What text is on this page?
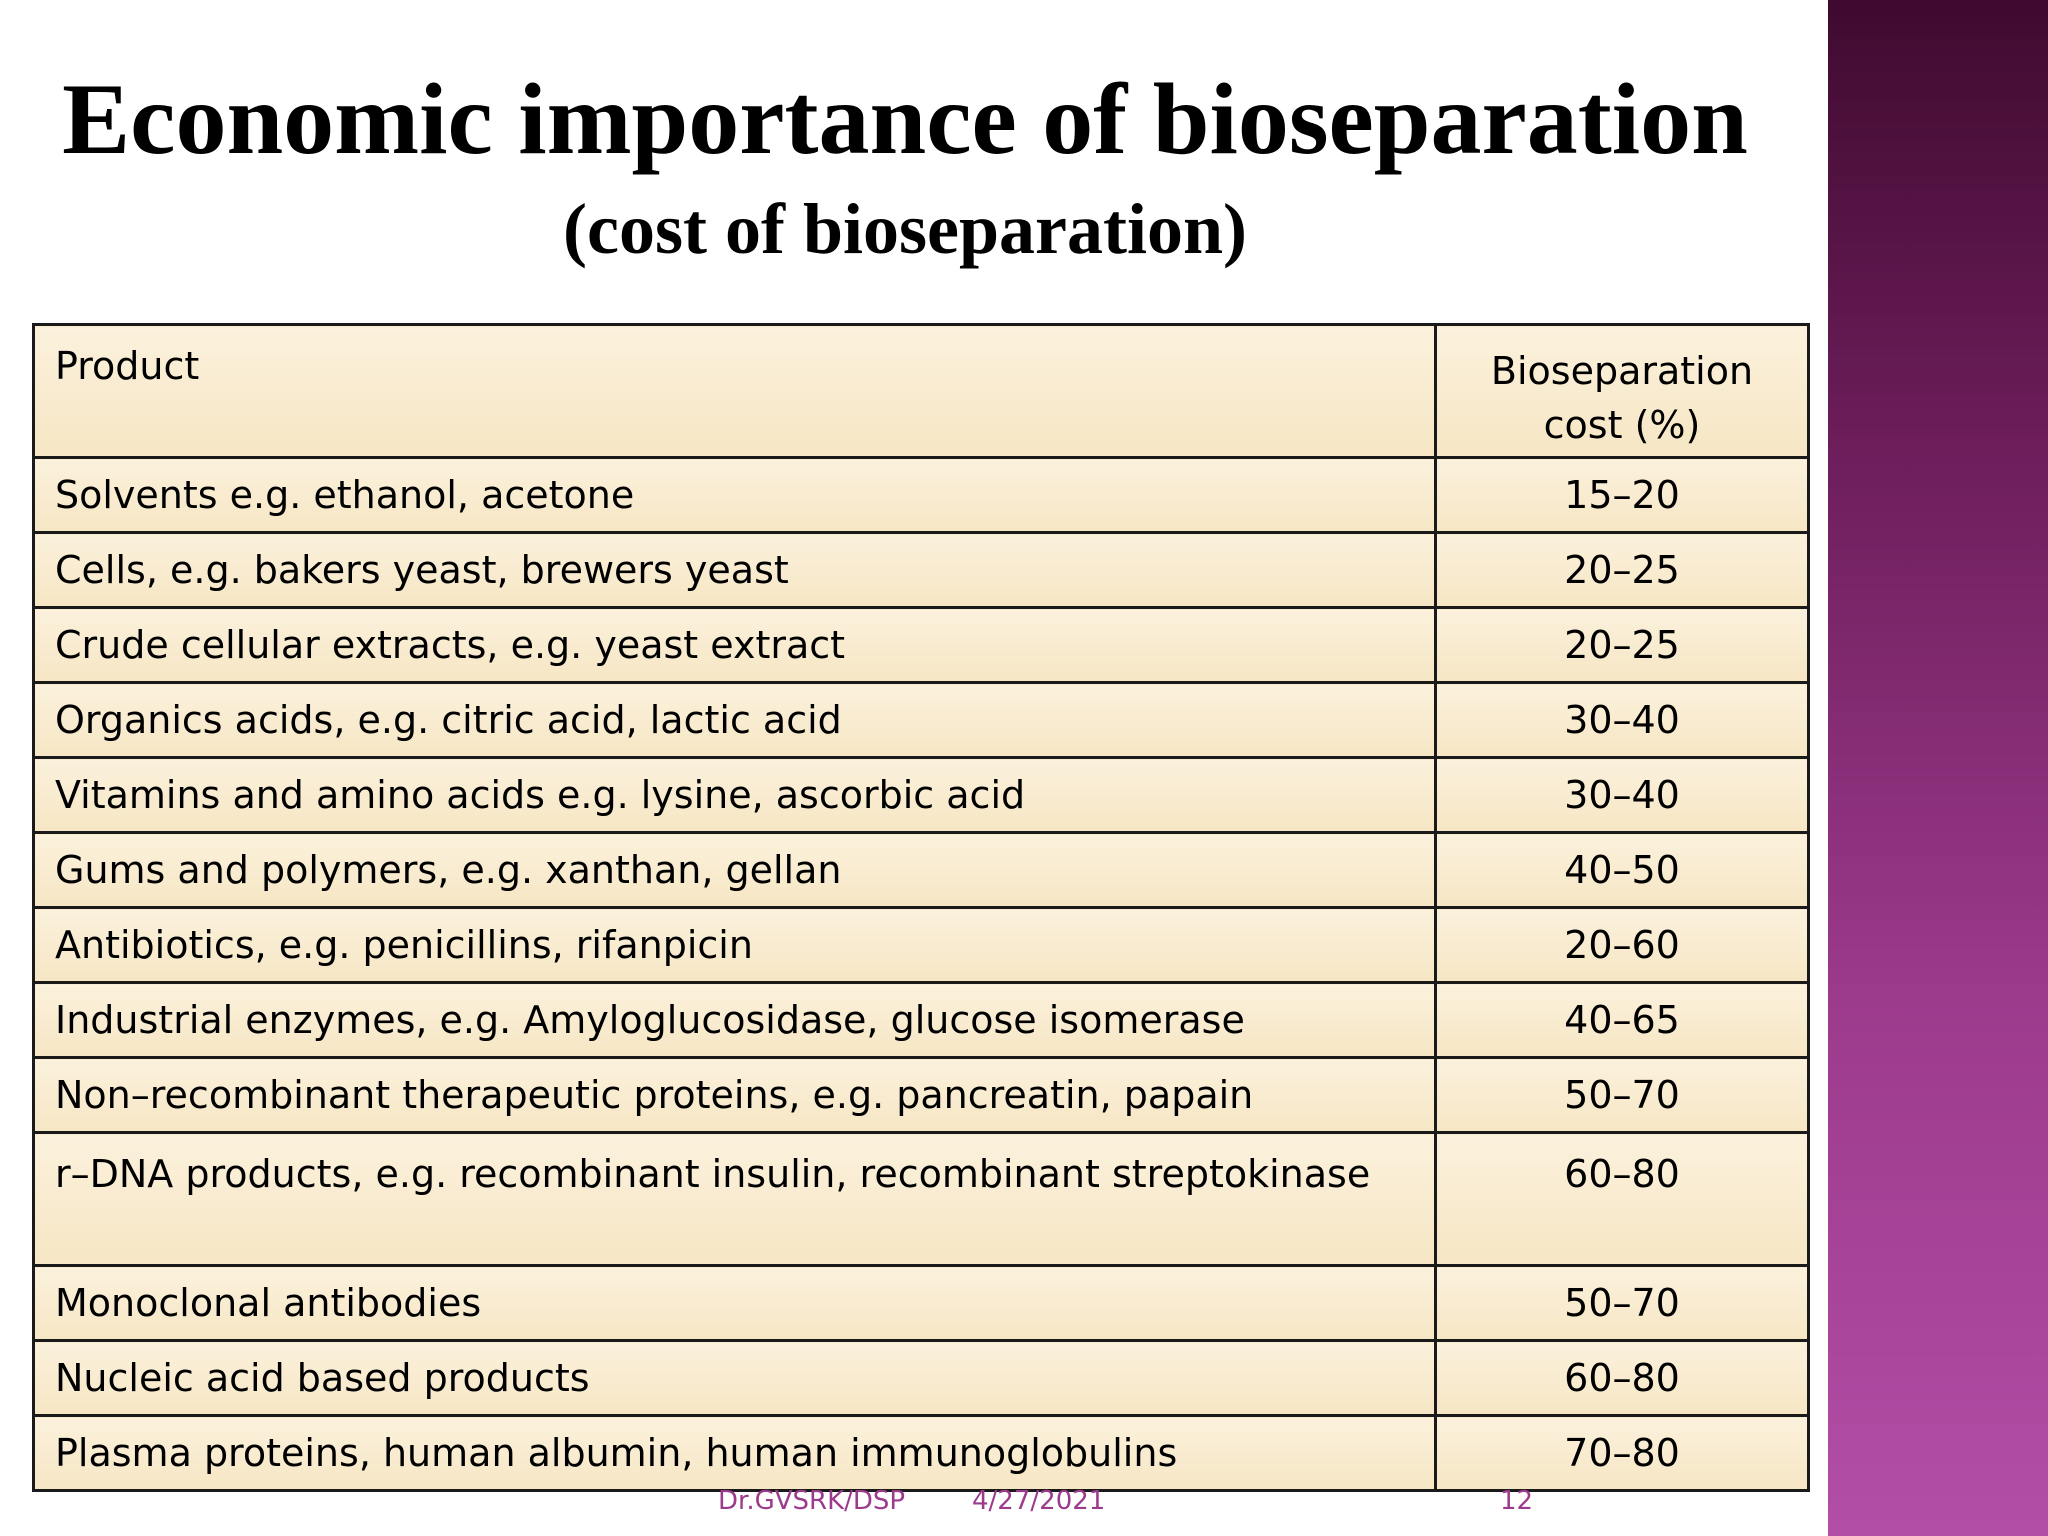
Economic importance of bioseparation
(cost of bioseparation)
Product	Bioseparation cost (%)
Solvents e.g. ethanol, acetone	15–20
Cells, e.g. bakers yeast, brewers yeast	20–25
Crude cellular extracts, e.g. yeast extract	20–25
Organics acids, e.g. citric acid, lactic acid	30–40
Vitamins and amino acids e.g. lysine, ascorbic acid	30–40
Gums and polymers, e.g. xanthan, gellan	40–50
Antibiotics, e.g. penicillins, rifanpicin	20–60
Industrial enzymes, e.g. Amyloglucosidase, glucose isomerase	40–65
Non–recombinant therapeutic proteins, e.g. pancreatin, papain	50–70
r–DNA products, e.g. recombinant insulin, recombinant streptokinase	60–80
Monoclonal antibodies	50–70
Nucleic acid based products	60–80
Plasma proteins, human albumin, human immunoglobulins	70–80
Dr.GVSRK/DSP	4/27/2021	12
